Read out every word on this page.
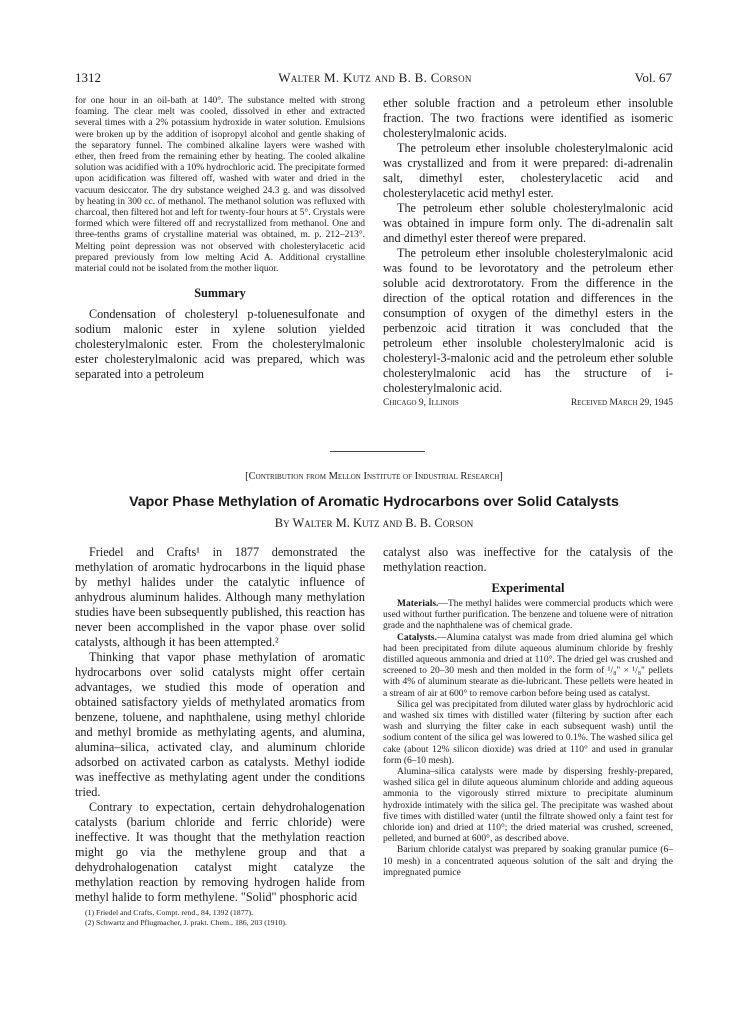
1312	Walter M. Kutz and B. B. Corson	Vol. 67

for one hour in an oil-bath at 140°. The substance melted with strong foaming. The clear melt was cooled, dissolved in ether and extracted several times with a 2% potassium hydroxide in water solution. Emulsions were broken up by the addition of isopropyl alcohol and gentle shaking of the separatory funnel. The combined alkaline layers were washed with ether, then freed from the remaining ether by heating. The cooled alkaline solution was acidified with a 10% hydrochloric acid. The precipitate formed upon acidification was filtered off, washed with water and dried in the vacuum desiccator. The dry substance weighed 24.3 g. and was dissolved by heating in 300 cc. of methanol. The methanol solution was refluxed with charcoal, then filtered hot and left for twenty-four hours at 5°. Crystals were formed which were filtered off and recrystallized from methanol. One and three-tenths grams of crystalline material was obtained, m. p. 212–213°. Melting point depression was not observed with cholesterylacetic acid prepared previously from low melting Acid A. Additional crystalline material could not be isolated from the mother liquor.

Summary

Condensation of cholesteryl p-toluenesulfonate and sodium malonic ester in xylene solution yielded cholesterylmalonic ester. From the cholesterylmalonic ester cholesterylmalonic acid was prepared, which was separated into a petroleum

ether soluble fraction and a petroleum ether insoluble fraction. The two fractions were identified as isomeric cholesterylmalonic acids.

The petroleum ether insoluble cholesterylmalonic acid was crystallized and from it were prepared: di-adrenalin salt, dimethyl ester, cholesterylacetic acid and cholesterylacetic acid methyl ester.

The petroleum ether soluble cholesterylmalonic acid was obtained in impure form only. The di-adrenalin salt and dimethyl ester thereof were prepared.

The petroleum ether insoluble cholesterylmalonic acid was found to be levorotatory and the petroleum ether soluble acid dextrorotatory. From the difference in the direction of the optical rotation and differences in the consumption of oxygen of the dimethyl esters in the perbenzoic acid titration it was concluded that the petroleum ether insoluble cholesterylmalonic acid is cholesteryl-3-malonic acid and the petroleum ether soluble cholesterylmalonic acid has the structure of i-cholesterylmalonic acid.

Chicago 9, Illinois	Received March 29, 1945
[Contribution from Mellon Institute of Industrial Research]
Vapor Phase Methylation of Aromatic Hydrocarbons over Solid Catalysts
By Walter M. Kutz and B. B. Corson

Friedel and Crafts¹ in 1877 demonstrated the methylation of aromatic hydrocarbons in the liquid phase by methyl halides under the catalytic influence of anhydrous aluminum halides. Although many methylation studies have been subsequently published, this reaction has never been accomplished in the vapor phase over solid catalysts, although it has been attempted.²

Thinking that vapor phase methylation of aromatic hydrocarbons over solid catalysts might offer certain advantages, we studied this mode of operation and obtained satisfactory yields of methylated aromatics from benzene, toluene, and naphthalene, using methyl chloride and methyl bromide as methylating agents, and alumina, alumina–silica, activated clay, and aluminum chloride adsorbed on activated carbon as catalysts. Methyl iodide was ineffective as methylating agent under the conditions tried.

Contrary to expectation, certain dehydrohalogenation catalysts (barium chloride and ferric chloride) were ineffective. It was thought that the methylation reaction might go via the methylene group and that a dehydrohalogenation catalyst might catalyze the methylation reaction by removing hydrogen halide from methyl halide to form methylene. "Solid" phosphoric acid

(1) Friedel and Crafts, Compt. rend., 84, 1392 (1877).
(2) Schwartz and Pflugmacher, J. prakt. Chem., 186, 203 (1910).

catalyst also was ineffective for the catalysis of the methylation reaction.

Experimental

Materials.—The methyl halides were commercial products which were used without further purification. The benzene and toluene were of nitration grade and the naphthalene was of chemical grade.

Catalysts.—Alumina catalyst was made from dried alumina gel which had been precipitated from dilute aqueous aluminum chloride by freshly distilled aqueous ammonia and dried at 110°. The dried gel was crushed and screened to 20–30 mesh and then molded in the form of ¹/₈" × ¹/₈" pellets with 4% of aluminum stearate as die-lubricant. These pellets were heated in a stream of air at 600° to remove carbon before being used as catalyst.

Silica gel was precipitated from diluted water glass by hydrochloric acid and washed six times with distilled water (filtering by suction after each wash and slurrying the filter cake in each subsequent wash) until the sodium content of the silica gel was lowered to 0.1%. The washed silica gel cake (about 12% silicon dioxide) was dried at 110° and used in granular form (6–10 mesh).

Alumina–silica catalysts were made by dispersing freshly-prepared, washed silica gel in dilute aqueous aluminum chloride and adding aqueous ammonia to the vigorously stirred mixture to precipitate aluminum hydroxide intimately with the silica gel. The precipitate was washed about five times with distilled water (until the filtrate showed only a faint test for chloride ion) and dried at 110°; the dried material was crushed, screened, pelleted, and burned at 600°, as described above.

Barium chloride catalyst was prepared by soaking granular pumice (6–10 mesh) in a concentrated aqueous solution of the salt and drying the impregnated pumice
